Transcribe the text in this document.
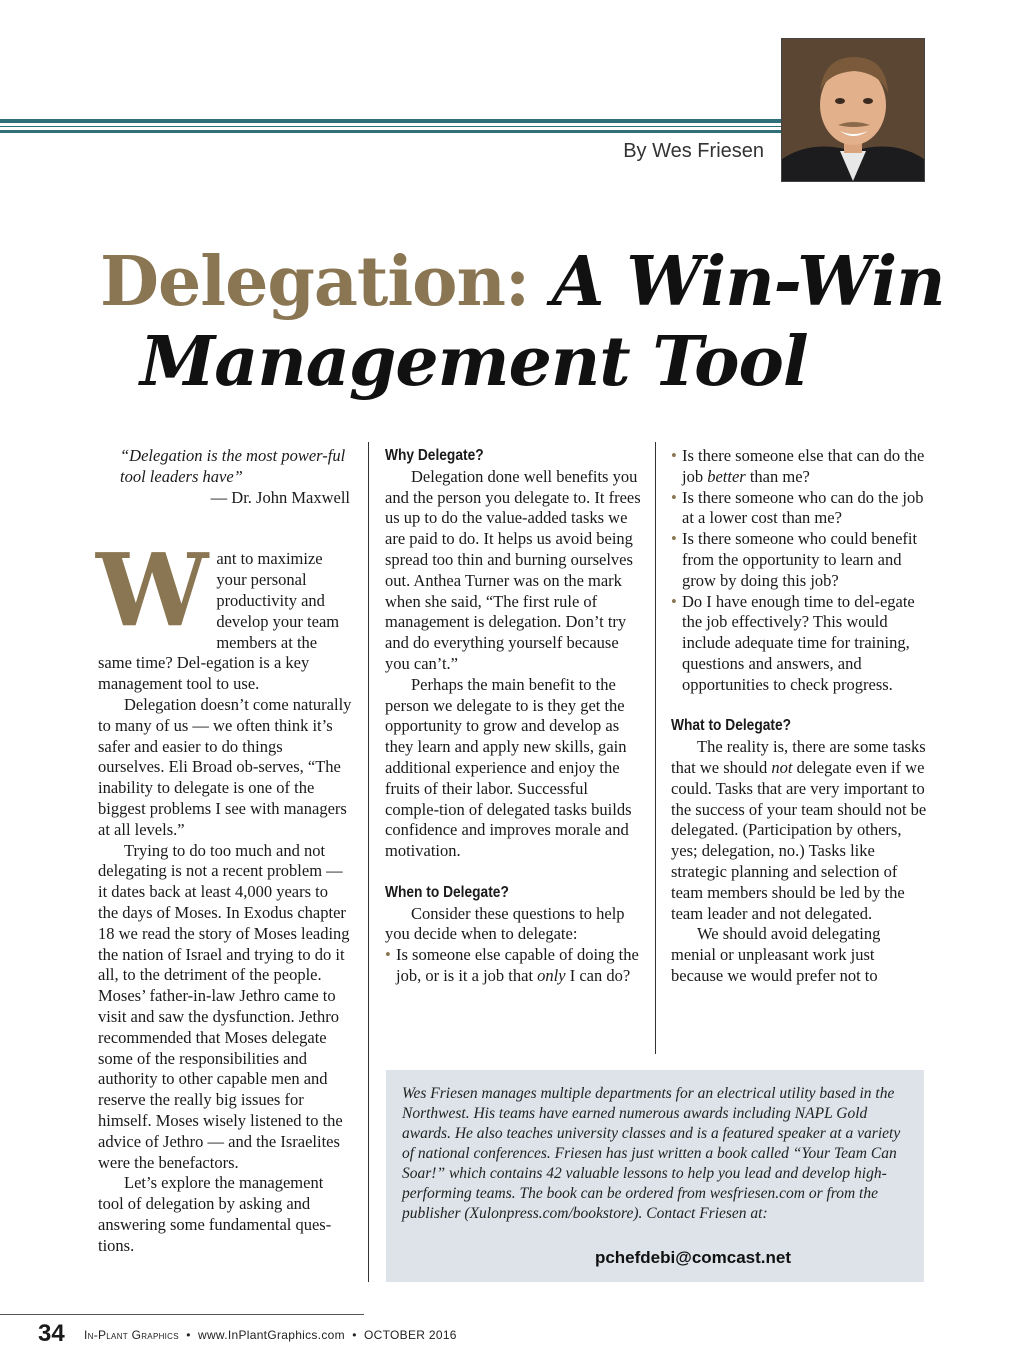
By Wes Friesen
Delegation: A Win-Win
Management Tool

“Delegation is the most power-ful tool leaders have”

— Dr. John Maxwell

Want to maximize your personal productivity and develop your team members at the same time? Del-egation is a key management tool to use.

Delegation doesn’t come naturally to many of us — we often think it’s safer and easier to do things ourselves. Eli Broad ob-serves, “The inability to delegate is one of the biggest problems I see with managers at all levels.”

Trying to do too much and not delegating is not a recent problem — it dates back at least 4,000 years to the days of Moses. In Exodus chapter 18 we read the story of Moses leading the nation of Israel and trying to do it all, to the detriment of the people. Moses’ father-in-law Jethro came to visit and saw the dysfunction. Jethro recommended that Moses delegate some of the responsibilities and authority to other capable men and reserve the really big issues for himself. Moses wisely listened to the advice of Jethro — and the Israelites were the benefactors.

Let’s explore the management tool of delegation by asking and answering some fundamental ques-tions.

Why Delegate?

Delegation done well benefits you and the person you delegate to. It frees us up to do the value-added tasks we are paid to do. It helps us avoid being spread too thin and burning ourselves out. Anthea Turner was on the mark when she said, “The first rule of management is delegation. Don’t try and do everything yourself because you can’t.”

Perhaps the main benefit to the person we delegate to is they get the opportunity to grow and develop as they learn and apply new skills, gain additional experience and enjoy the fruits of their labor. Successful comple-tion of delegated tasks builds confidence and improves morale and motivation.

When to Delegate?

Consider these questions to help you decide when to delegate:

• Is someone else capable of doing the job, or is it a job that only I can do?
• Is there someone else that can do the job better than me?
• Is there someone who can do the job at a lower cost than me?
• Is there someone who could benefit from the opportunity to learn and grow by doing this job?
• Do I have enough time to del-egate the job effectively? This would include adequate time for training, questions and answers, and opportunities to check progress.
What to Delegate?

The reality is, there are some tasks that we should not delegate even if we could. Tasks that are very important to the success of your team should not be delegated. (Participation by others, yes; delegation, no.) Tasks like strategic planning and selection of team members should be led by the team leader and not delegated.

We should avoid delegating menial or unpleasant work just because we would prefer not to

Wes Friesen manages multiple departments for an electrical utility based in the Northwest. His teams have earned numerous awards including NAPL Gold awards. He also teaches university classes and is a featured speaker at a variety of national conferences. Friesen has just written a book called “Your Team Can Soar!” which contains 42 valuable lessons to help you lead and develop high-performing teams. The book can be ordered from wesfriesen.com or from the publisher (Xulonpress.com/bookstore). Contact Friesen at:

pchefdebi@comcast.net
34 In-Plant Graphics • www.InPlantGraphics.com • OCTOBER 2016
